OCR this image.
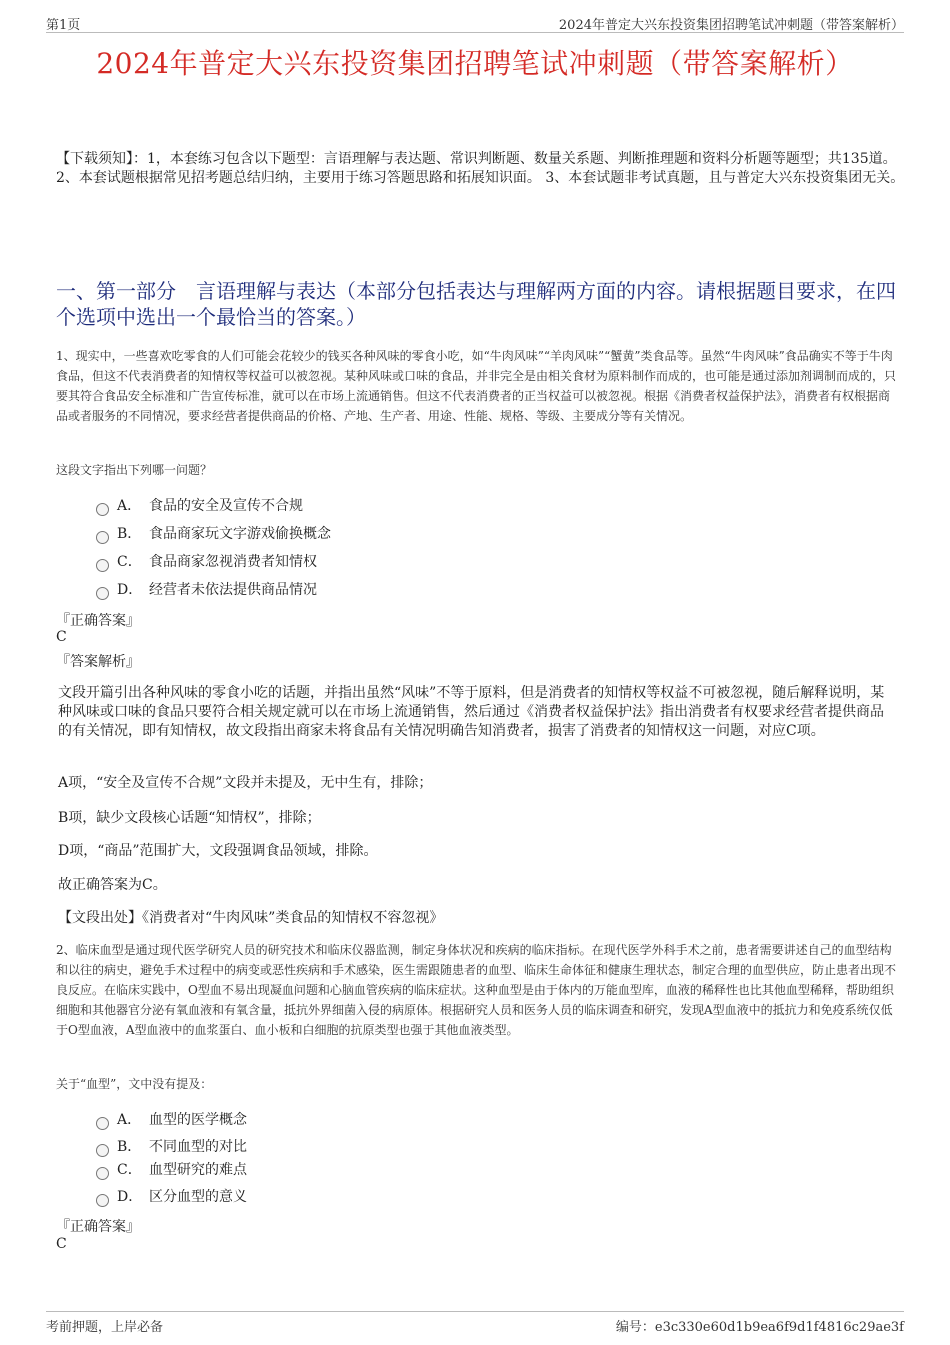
第1页	2024年普定大兴东投资集团招聘笔试冲刺题（带答案解析）
2024年普定大兴东投资集团招聘笔试冲刺题（带答案解析）
【下载须知】：1，本套练习包含以下题型：言语理解与表达题、常识判断题、数量关系题、判断推理题和资料分析题等题型；共135道。 2、本套试题根据常见招考题总结归纳，主要用于练习答题思路和拓展知识面。 3、本套试题非考试真题，且与普定大兴东投资集团无关。
一、第一部分　言语理解与表达（本部分包括表达与理解两方面的内容。请根据题目要求，在四个选项中选出一个最恰当的答案。）
1、现实中，一些喜欢吃零食的人们可能会花较少的钱买各种风味的零食小吃，如“牛肉风味”“羊肉风味”“蟹黄”类食品等。虽然“牛肉风味”食品确实不等于牛肉食品，但这不代表消费者的知情权等权益可以被忽视。某种风味或口味的食品，并非完全是由相关食材为原料制作而成的，也可能是通过添加剂调制而成的，只要其符合食品安全标准和广告宣传标准，就可以在市场上流通销售。但这不代表消费者的正当权益可以被忽视。根据《消费者权益保护法》，消费者有权根据商品或者服务的不同情况，要求经营者提供商品的价格、产地、生产者、用途、性能、规格、等级、主要成分等有关情况。
这段文字指出下列哪一问题？
A． 食品的安全及宣传不合规
B． 食品商家玩文字游戏偷换概念
C． 食品商家忽视消费者知情权
D． 经营者未依法提供商品情况
『正确答案』
C
『答案解析』
文段开篇引出各种风味的零食小吃的话题，并指出虽然“风味”不等于原料，但是消费者的知情权等权益不可被忽视，随后解释说明，某种风味或口味的食品只要符合相关规定就可以在市场上流通销售，然后通过《消费者权益保护法》指出消费者有权要求经营者提供商品的有关情况，即有知情权，故文段指出商家未将食品有关情况明确告知消费者，损害了消费者的知情权这一问题，对应C项。
A项，“安全及宣传不合规”文段并未提及，无中生有，排除；
B项，缺少文段核心话题“知情权”，排除；
D项，“商品”范围扩大，文段强调食品领域，排除。
故正确答案为C。
【文段出处】《消费者对“牛肉风味”类食品的知情权不容忽视》
2、临床血型是通过现代医学研究人员的研究技术和临床仪器监测，制定身体状况和疾病的临床指标。在现代医学外科手术之前，患者需要讲述自己的血型结构和以往的病史，避免手术过程中的病变或恶性疾病和手术感染，医生需跟随患者的血型、临床生命体征和健康生理状态，制定合理的血型供应，防止患者出现不良反应。在临床实践中，O型血不易出现凝血问题和心脑血管疾病的临床症状。这种血型是由于体内的万能血型库，血液的稀释性也比其他血型稀释，帮助组织细胞和其他器官分泌有氧血液和有氧含量，抵抗外界细菌入侵的病原体。根据研究人员和医务人员的临床调查和研究，发现A型血液中的抵抗力和免疫系统仅低于O型血液，A型血液中的血浆蛋白、血小板和白细胞的抗原类型也强于其他血液类型。
关于“血型”，文中没有提及：
A． 血型的医学概念
B． 不同血型的对比
C． 血型研究的难点
D． 区分血型的意义
『正确答案』
C
考前押题，上岸必备	编号：e3c330e60d1b9ea6f9d1f4816c29ae3f
